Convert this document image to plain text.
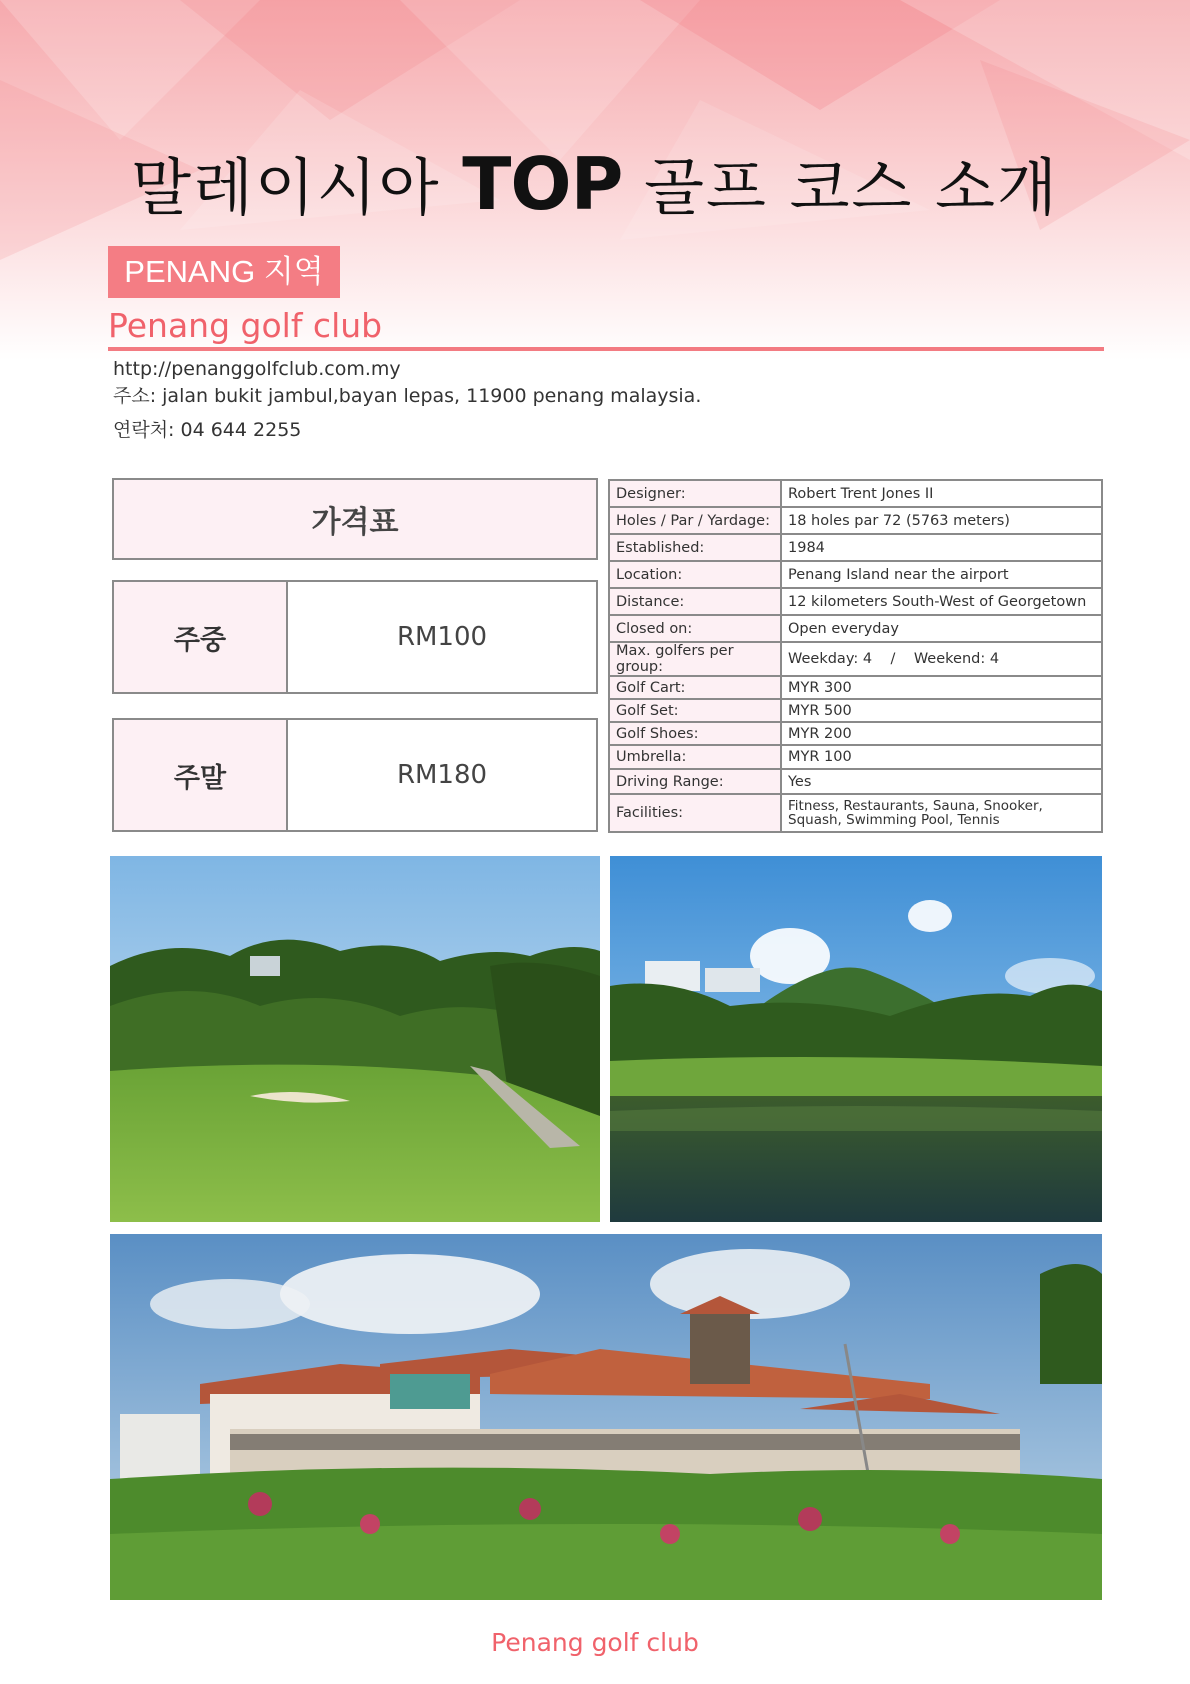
말레이시아 TOP 골프 코스 소개
PENANG 지역
Penang golf club
http://penanggolfclub.com.my
주소: jalan bukit jambul,bayan lepas, 11900 penang malaysia.
연락처: 04 644 2255
가격표
주중	RM100
주말	RM180
Designer:	Robert Trent Jones II
Holes / Par / Yardage:	18 holes par 72 (5763 meters)
Established:	1984
Location:	Penang Island near the airport
Distance:	12 kilometers South-West of Georgetown
Closed on:	Open everyday
Max. golfers per group:	Weekday: 4    /    Weekend: 4
Golf Cart:	MYR 300
Golf Set:	MYR 500
Golf Shoes:	MYR 200
Umbrella:	MYR 100
Driving Range:	Yes
Facilities:	Fitness, Restaurants, Sauna, Snooker, Squash, Swimming Pool, Tennis
Penang golf club
